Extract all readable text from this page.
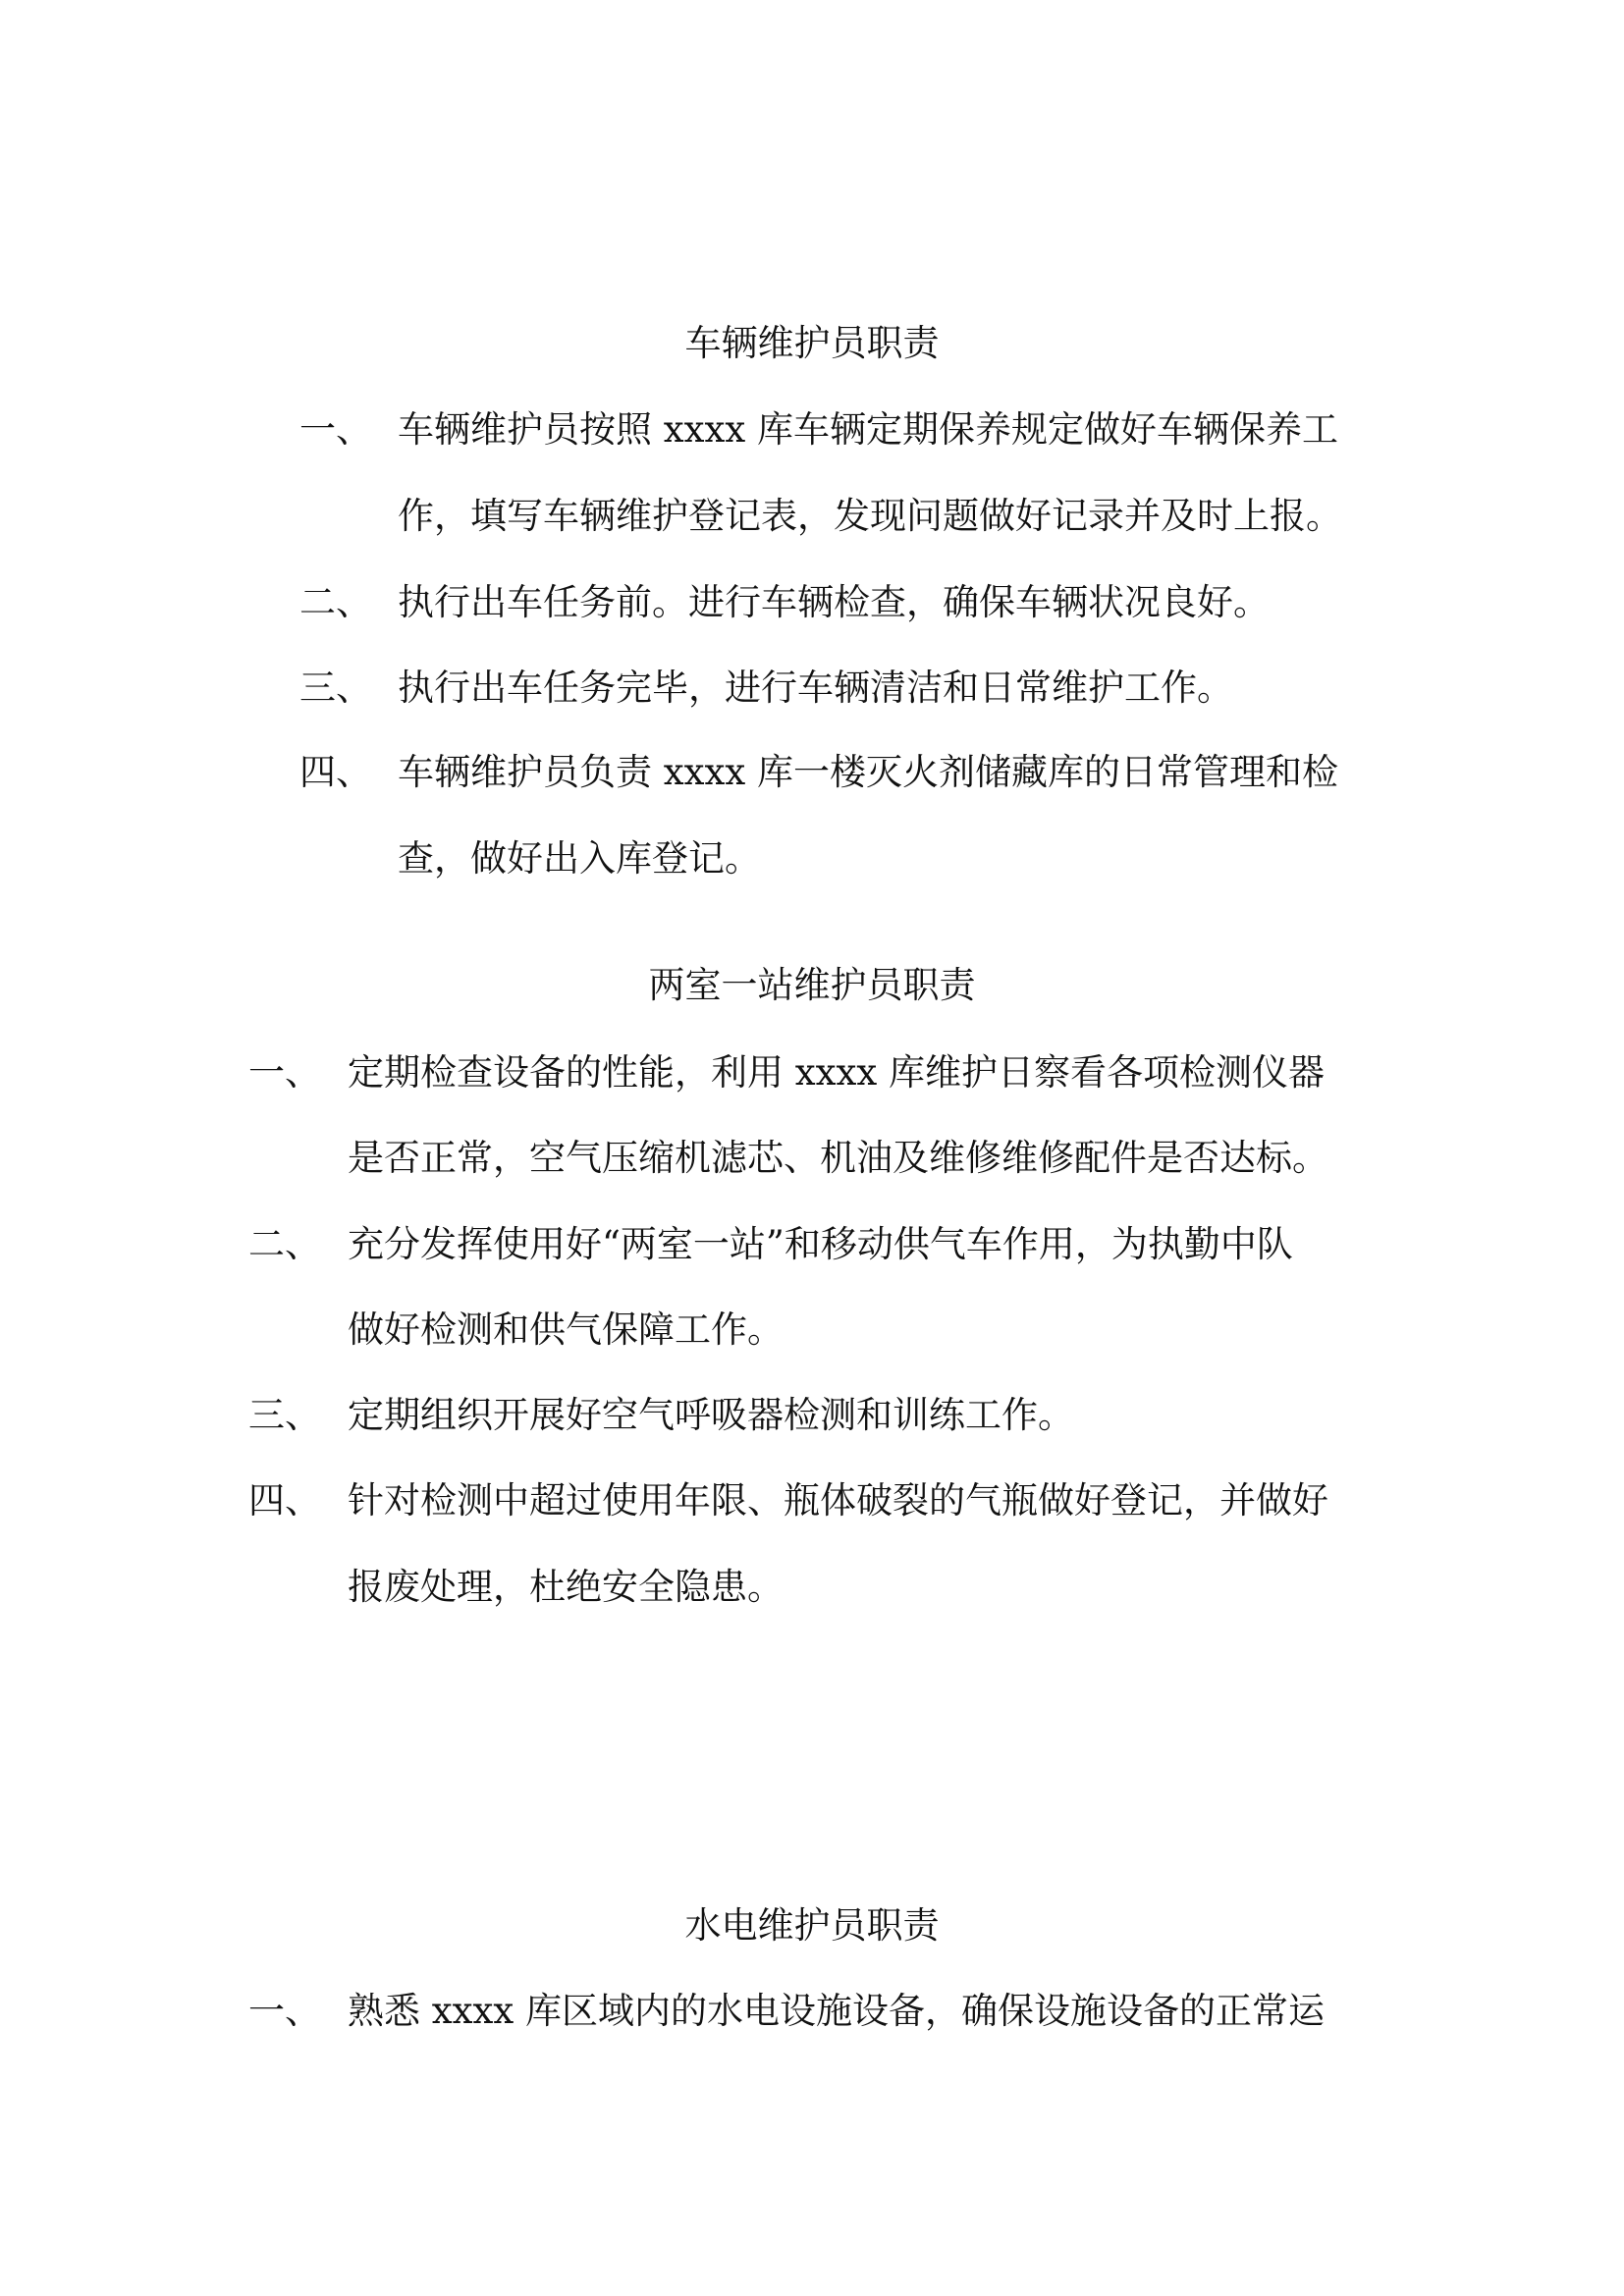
车辆维护员职责
一、 车辆维护员按照 xxxx 库车辆定期保养规定做好车辆保养工
作，填写车辆维护登记表，发现问题做好记录并及时上报。
二、 执行出车任务前。进行车辆检查，确保车辆状况良好。
三、 执行出车任务完毕，进行车辆清洁和日常维护工作。
四、 车辆维护员负责 xxxx 库一楼灭火剂储藏库的日常管理和检
查，做好出入库登记。
两室一站维护员职责
一、 定期检查设备的性能，利用 xxxx 库维护日察看各项检测仪器
是否正常，空气压缩机滤芯、机油及维修维修配件是否达标。
二、 充分发挥使用好“两室一站”和移动供气车作用，为执勤中队
做好检测和供气保障工作。
三、 定期组织开展好空气呼吸器检测和训练工作。
四、 针对检测中超过使用年限、瓶体破裂的气瓶做好登记，并做好
报废处理，杜绝安全隐患。
水电维护员职责
一、 熟悉 xxxx 库区域内的水电设施设备，确保设施设备的正常运
